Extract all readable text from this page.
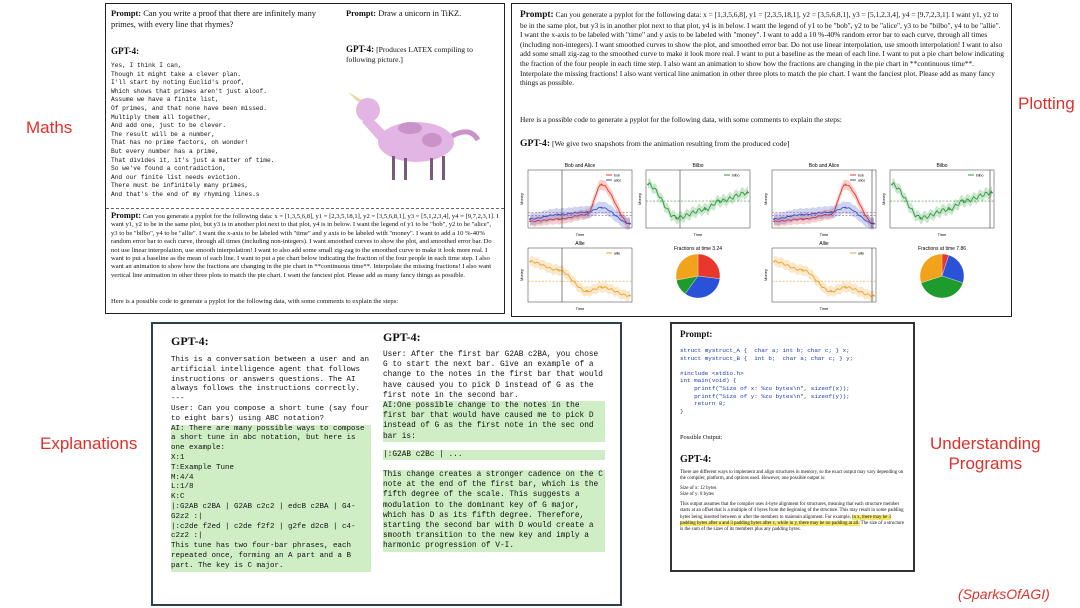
Maths
Plotting
Explanations	Understanding
Programs
(SparksOfAGI)
Prompt: Can you write a proof that there are infinitely many primes, with every line that rhymes?
GPT-4:
Yes, I think I can,
Though it might take a clever plan.
I'll start by noting Euclid's proof,
Which shows that primes aren't just aloof.
Assume we have a finite list,
Of primes, and that none have been missed.
Multiply them all together,
And add one, just to be clever.
The result will be a number,
That has no prime factors, oh wonder!
But every number has a prime,
That divides it, it's just a matter of time.
So we've found a contradiction,
And our finite list needs eviction.
There must be infinitely many primes,
And that's the end of my rhyming lines.s
Prompt: Draw a unicorn in TiKZ.
GPT-4: [Produces LATEX compiling to following picture.]
Prompt: Can you generate a pyplot for the following data: x = [1,3,5,6,8], y1 = [2,3,5,18,1], y2 = [3,5,6,8,1], y3 = [5,1,2,3,4], y4 = [9,7,2,3,1]. I want y1, y2 to be in the same plot, but y3 is in another plot next to that plot, y4 is in below. I want the legend of y1 to be "bob", y2 to be "alice", y3 to be "bilbo", y4 to be "allie". I want the x-axis to be labeled with "time" and y axis to be labeled with "money". I want to add a 10 %-40% random error bar to each curve, through all times (including non-integers). I want smoothed curves to show the plot, and smoothed error bar. Do not use linear interpolation, use smooth interpolation! I want to also add some small zig-zag to the smoothed curve to make it look more real. I want to put a baseline as the mean of each line. I want to put a pie chart below indicating the fraction of the four people in each time step. I also want an animation to show how the fractions are changing in the pie chart in **continuous time**. Interpolate the missing fractions! I also want vertical line animation in other three plots to match the pie chart. I want the fanciest plot. Please add as many fancy things as possible.
Here is a possible code to generate a pyplot for the following data, with some comments to explain the steps:
Prompt: Can you generate a pyplot for the following data: x = [1,3,5,6,8], y1 = [2,3,5,18,1], y2 = [3,5,6,8,1], y3 = [5,1,2,3,4], y4 = [9,7,2,3,1]. I want y1, y2 to be in the same plot, but y3 is in another plot next to that plot, y4 is in below. I want the legend of y1 to be "bob", y2 to be "alice", y3 to be "bilbo", y4 to be "allie". I want the x-axis to be labeled with "time" and y axis to be labeled with "money". I want to add a 10 %-40% random error bar to each curve, through all times (including non-integers). I want smoothed curves to show the plot, and smoothed error bar. Do not use linear interpolation, use smooth interpolation! I want to also add some small zig-zag to the smoothed curve to make it look more real. I want to put a baseline as the mean of each line. I want to put a pie chart below indicating the fraction of the four people in each time step. I also want an animation to show how the fractions are changing in the pie chart in **continuous time**. Interpolate the missing fractions! I also want vertical line animation in other three plots to match the pie chart. I want the fanciest plot. Please add as many fancy things as possible.
Here is a possible code to generate a pyplot for the following data, with some comments to explain the steps:
GPT-4: [We give two snapshots from the animation resulting from the produced code]
Bob and Alice
Time
Money
bob
alice
Bilbo
Time
Money
bilbo
Allie
Time
Money
allie
Fractions at time 3.24
Bob and Alice
Time
Money
bob
alice
Bilbo
Time
Money
bilbo
Allie
Time
Money
allie
Fractions at time 7.86
GPT-4:
This is a conversation between a user and an artificial intelligence agent that follows instructions or answers questions. The AI always follows the instructions correctly.
---
User: Can you compose a short tune (say four to eight bars) using ABC notation?
AI: There are many possible ways to compose a short tune in abc notation, but here is one example:
X:1
T:Example Tune
M:4/4
L:1/8
K:C
|:G2AB c2BA | G2AB c2c2 | edcB c2BA | G4-
G2z2 :|
|:c2de f2ed | c2de f2f2 | g2fe d2cB | c4-
c2z2 :|
This tune has two four-bar phrases, each repeated once, forming an A part and a B part. The key is C major.
GPT-4:
User: After the first bar G2AB c2BA, you chose G to start the next bar. Give an example of a change to the notes in the first bar that would have caused you to pick D instead of G as the first note in the second bar.
AI:One possible change to the notes in the first bar that would have caused me to pick D instead of G as the first note in the sec ond bar is:
|:G2AB c2Bc | ...
This change creates a stronger cadence on the C note at the end of the first bar, which is the fifth degree of the scale. This suggests a modulation to the dominant key of G major, which has D as its fifth degree. Therefore, starting the second bar with D would create a smooth transition to the new key and imply a harmonic progression of V-I.
Prompt:
struct mystruct_A {  char a; int b; char c; } x;
struct mystruct_B {  int b;  char a; char c; } y;

#include <stdio.h>
int main(void) {
printf("Size of x: %zu bytes\n", sizeof(x));
printf("Size of y: %zu bytes\n", sizeof(y));
return 0;
}
Possible Output:
GPT-4:
There are different ways to implement and align structures in memory, so the exact output may vary depending on the compiler, platform, and options used. However, one possible output is:
Size of x: 12 bytes
Size of y: 8 bytes
This output assumes that the compiler uses 4-byte alignment for structures, meaning that each structure member starts at an offset that is a multiple of 4 bytes from the beginning of the structure. This may result in some padding bytes being inserted between or after the members to maintain alignment. For example, in x, there may be 3 padding bytes after a and 3 padding bytes after c, while in y, there may be no padding at all. The size of a structure is the sum of the sizes of its members plus any padding bytes.
